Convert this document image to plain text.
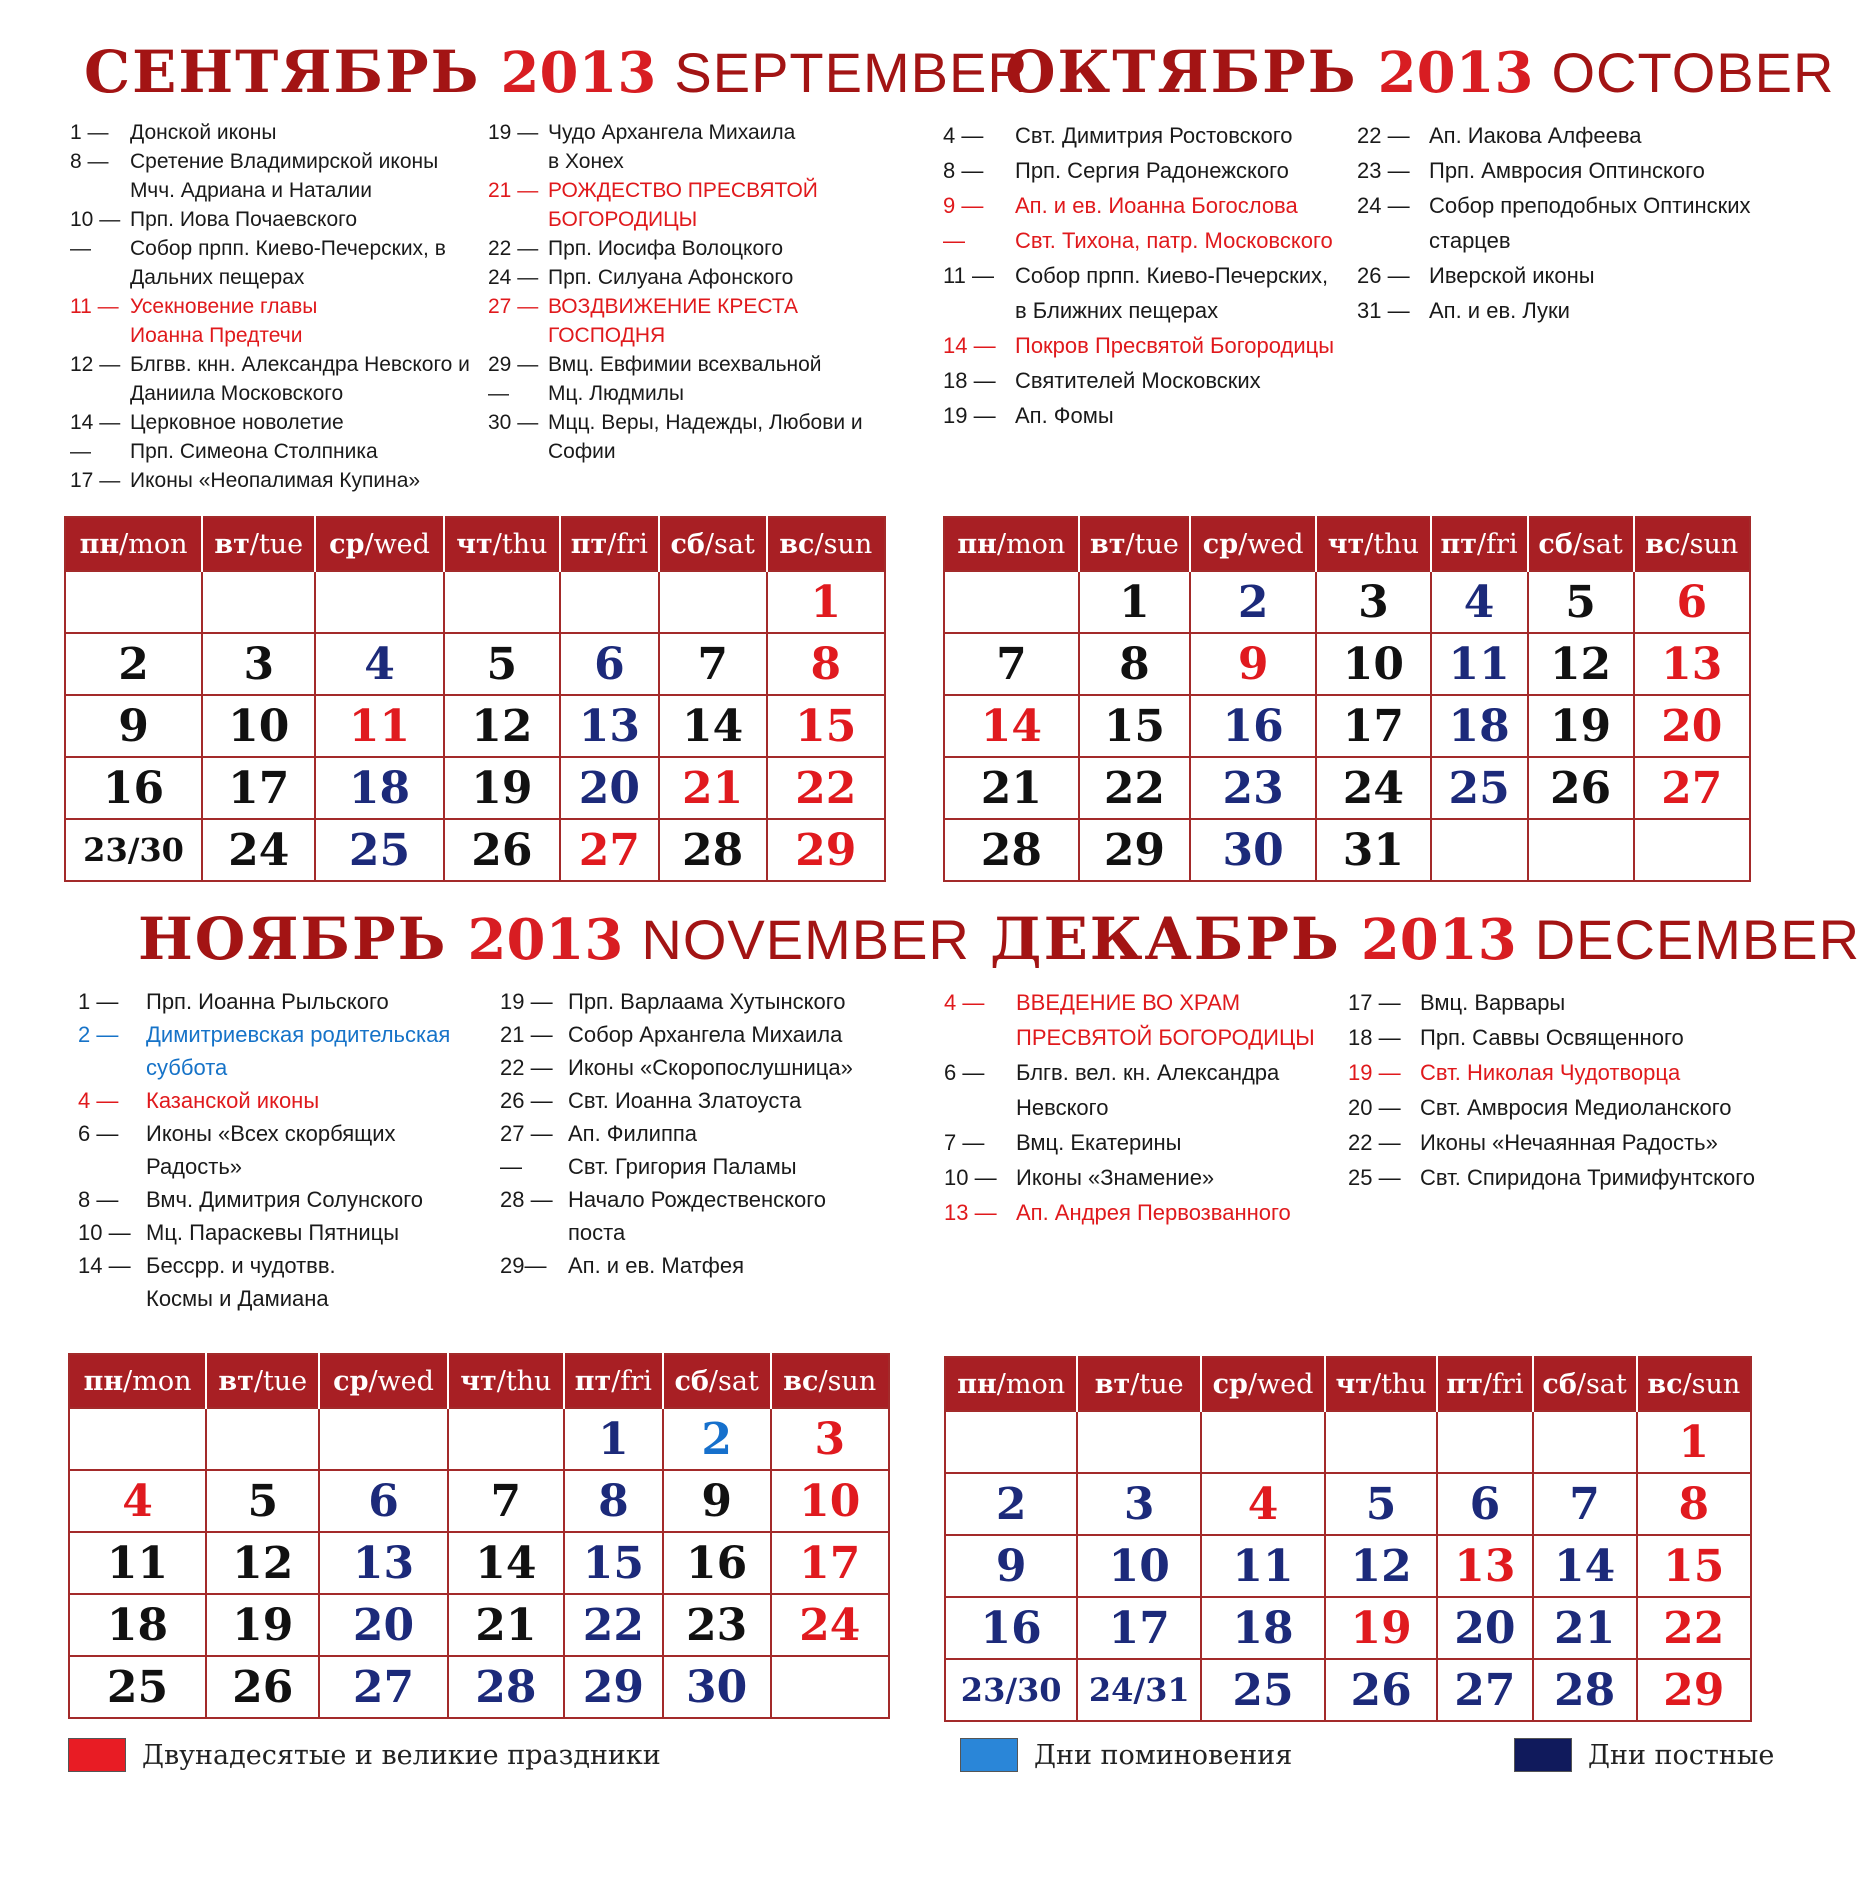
СЕНТЯБРЬ 2013 SEPTEMBER
1 —	Донской иконы
8 —	Сретение Владимирской иконы
Мчч. Адриана и Наталии
10 — Прп. Иова Почаевского
—	Собор прпп. Киево-Печерских, в
Дальних пещерах
11 — Усекновение главы
Иоанна Предтечи
12 — Блгвв. кнн. Александра Невского и
Даниила Московского
14 — Церковное новолетие
—	Прп. Симеона Столпника
17 — Иконы «Неопалимая Купина»
19 — Чудо Архангела Михаила
в Хонех
21 — РОЖДЕСТВО ПРЕСВЯТОЙ
БОГОРОДИЦЫ
22 — Прп. Иосифа Волоцкого
24 — Прп. Силуана Афонского
27 — ВОЗДВИЖЕНИЕ КРЕСТА
ГОСПОДНЯ
29 — Вмц. Евфимии всехвальной
—	Мц. Людмилы
30 — Мцц. Веры, Надежды, Любови и
Софии
пн/mon	вт/tue	ср/wed	чт/thu	пт/fri	сб/sat	вс/sun
						1
2	3	4	5	6	7	8
9	10	11	12	13	14	15
16	17	18	19	20	21	22
23/30	24	25	26	27	28	29
ОКТЯБРЬ 2013 OCTOBER
4 —	Свт. Димитрия Ростовского
8 —	Прп. Сергия Радонежского
9 —	Ап. и ев. Иоанна Богослова
—	Свт. Тихона, патр. Московского
11 — Собор прпп. Киево-Печерских,
в Ближних пещерах
14 — Покров Пресвятой Богородицы
18 — Святителей Московских
19 — Ап. Фомы
22 — Ап. Иакова Алфеева
23 — Прп. Амвросия Оптинского
24 — Собор преподобных Оптинских
старцев
26 — Иверской иконы
31 — Ап. и ев. Луки
пн/mon	вт/tue	ср/wed	чт/thu	пт/fri	сб/sat	вс/sun
	1	2	3	4	5	6
7	8	9	10	11	12	13
14	15	16	17	18	19	20
21	22	23	24	25	26	27
28	29	30	31			
НОЯБРЬ 2013 NOVEMBER
1 —	Прп. Иоанна Рыльского
2 —	Димитриевская родительская
суббота
4 —	Казанской иконы
6 —	Иконы «Всех скорбящих
Радость»
8 —	Вмч. Димитрия Солунского
10 — Мц. Параскевы Пятницы
14 — Бессрр. и чудотвв.
Космы и Дамиана
19 — Прп. Варлаама Хутынского
21 — Собор Архангела Михаила
22 — Иконы «Скоропослушница»
26 — Свт. Иоанна Златоуста
27 — Ап. Филиппа
—	Свт. Григория Паламы
28 — Начало Рождественского
поста
29— Ап. и ев. Матфея
пн/mon	вт/tue	ср/wed	чт/thu	пт/fri	сб/sat	вс/sun
				1	2	3
4	5	6	7	8	9	10
11	12	13	14	15	16	17
18	19	20	21	22	23	24
25	26	27	28	29	30	
ДЕКАБРЬ 2013 DECEMBER
4 —	ВВЕДЕНИЕ ВО ХРАМ
ПРЕСВЯТОЙ БОГОРОДИЦЫ
6 —	Блгв. вел. кн. Александра
Невского
7 —	Вмц. Екатерины
10 — Иконы «Знамение»
13 — Ап. Андрея Первозванного
17 — Вмц. Варвары
18 — Прп. Саввы Освященного
19 — Свт. Николая Чудотворца
20 — Свт. Амвросия Медиоланского
22 — Иконы «Нечаянная Радость»
25 — Свт. Спиридона Тримифунтского
пн/mon	вт/tue	ср/wed	чт/thu	пт/fri	сб/sat	вс/sun
						1
2	3	4	5	6	7	8
9	10	11	12	13	14	15
16	17	18	19	20	21	22
23/30	24/31	25	26	27	28	29
Двунадесятые и великие праздники	Дни поминовения	Дни постные
